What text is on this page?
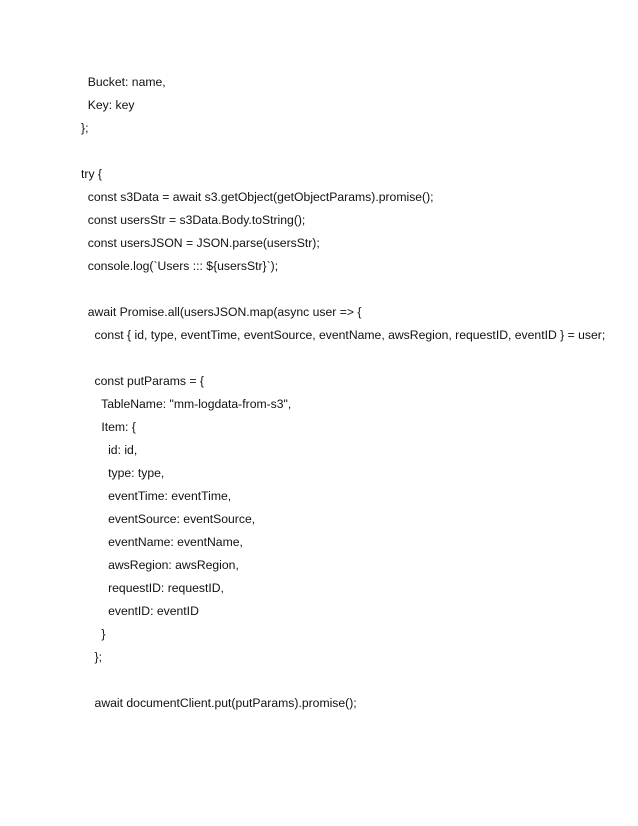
Bucket: name,
Key: key
};
try {
const s3Data = await s3.getObject(getObjectParams).promise();
const usersStr = s3Data.Body.toString();
const usersJSON = JSON.parse(usersStr);
console.log(`Users ::: ${usersStr}`);
await Promise.all(usersJSON.map(async user => {
const { id, type, eventTime, eventSource, eventName, awsRegion, requestID, eventID } = user;
const putParams = {
TableName: "mm-logdata-from-s3",
Item: {
id: id,
type: type,
eventTime: eventTime,
eventSource: eventSource,
eventName: eventName,
awsRegion: awsRegion,
requestID: requestID,
eventID: eventID
}
};
await documentClient.put(putParams).promise();
